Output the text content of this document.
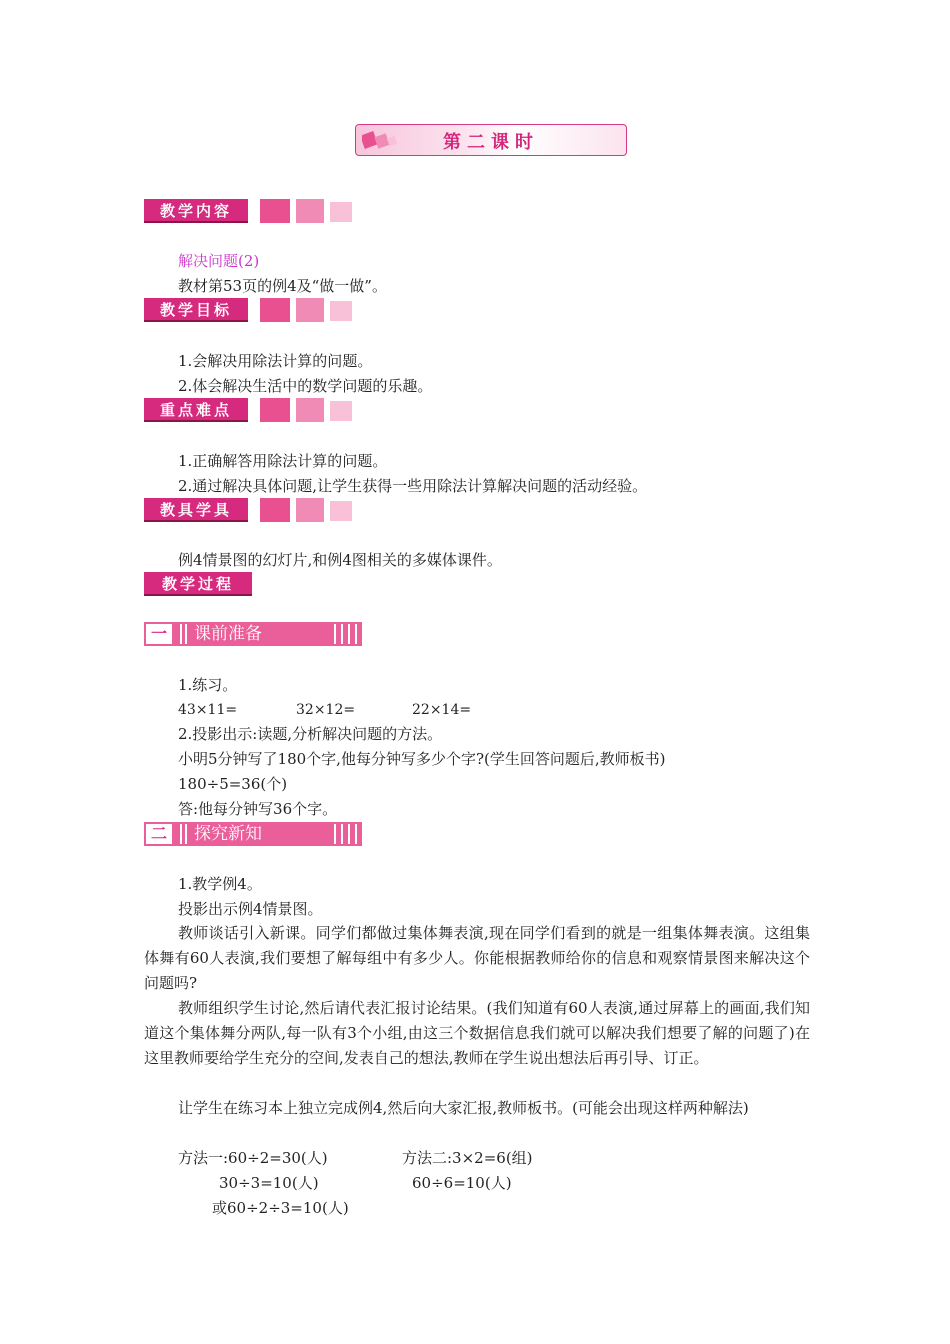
第二课时
教学内容
解决问题(2)
教材第53页的例4及“做一做”。
教学目标
1.会解决用除法计算的问题。
2.体会解决生活中的数学问题的乐趣。
重点难点
1.正确解答用除法计算的问题。
2.通过解决具体问题,让学生获得一些用除法计算解决问题的活动经验。
教具学具
例4情景图的幻灯片,和例4图相关的多媒体课件。
教学过程
一	课前准备
1.练习。
43×11=	32×12=	22×14=
2.投影出示:读题,分析解决问题的方法。
小明5分钟写了180个字,他每分钟写多少个字?(学生回答问题后,教师板书)
180÷5=36(个)
答:他每分钟写36个字。
二	探究新知
1.教学例4。
投影出示例4情景图。
教师谈话引入新课。同学们都做过集体舞表演,现在同学们看到的就是一组集体舞表演。这组集体舞有60人表演,我们要想了解每组中有多少人。你能根据教师给你的信息和观察情景图来解决这个问题吗?
教师组织学生讨论,然后请代表汇报讨论结果。(我们知道有60人表演,通过屏幕上的画面,我们知道这个集体舞分两队,每一队有3个小组,由这三个数据信息我们就可以解决我们想要了解的问题了)在这里教师要给学生充分的空间,发表自己的想法,教师在学生说出想法后再引导、订正。
让学生在练习本上独立完成例4,然后向大家汇报,教师板书。(可能会出现这样两种解法)
方法一:60÷2=30(人)
30÷3=10(人)
或60÷2÷3=10(人)
方法二:3×2=6(组)
60÷6=10(人)
